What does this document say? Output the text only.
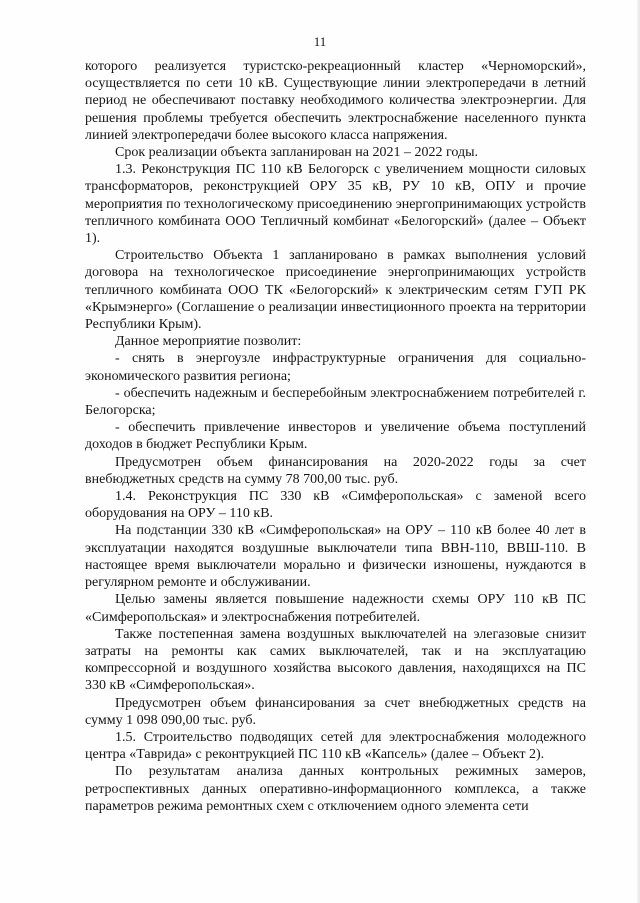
11

которого реализуется туристско-рекреационный кластер «Черноморский», осуществляется по сети 10 кВ. Существующие линии электропередачи в летний период не обеспечивают поставку необходимого количества электроэнергии. Для решения проблемы требуется обеспечить электроснабжение населенного пункта линией электропередачи более высокого класса напряжения.

Срок реализации объекта запланирован на 2021 – 2022 годы.

1.3. Реконструкция ПС 110 кВ Белогорск с увеличением мощности силовых трансформаторов, реконструкцией ОРУ 35 кВ, РУ 10 кВ, ОПУ и прочие мероприятия по технологическому присоединению энергопринимающих устройств тепличного комбината ООО Тепличный комбинат «Белогорский» (далее – Объект 1).

Строительство Объекта 1 запланировано в рамках выполнения условий договора на технологическое присоединение энергопринимающих устройств тепличного комбината ООО ТК «Белогорский» к электрическим сетям ГУП РК «Крымэнерго» (Соглашение о реализации инвестиционного проекта на территории Республики Крым).

Данное мероприятие позволит:

- снять в энергоузле инфраструктурные ограничения для социально-экономического развития региона;

- обеспечить надежным и бесперебойным электроснабжением потребителей г. Белогорска;

- обеспечить привлечение инвесторов и увеличение объема поступлений доходов в бюджет Республики Крым.

Предусмотрен объем финансирования на 2020-2022 годы за счет внебюджетных средств на сумму 78 700,00 тыс. руб.

1.4. Реконструкция ПС 330 кВ «Симферопольская» с заменой всего оборудования на ОРУ – 110 кВ.

На подстанции 330 кВ «Симферопольская» на ОРУ – 110 кВ более 40 лет в эксплуатации находятся воздушные выключатели типа ВВН-110, ВВШ-110. В настоящее время выключатели морально и физически изношены, нуждаются в регулярном ремонте и обслуживании.

Целью замены является повышение надежности схемы ОРУ 110 кВ ПС «Симферопольская» и электроснабжения потребителей.

Также постепенная замена воздушных выключателей на элегазовые снизит затраты на ремонты как самих выключателей, так и на эксплуатацию компрессорной и воздушного хозяйства высокого давления, находящихся на ПС 330 кВ «Симферопольская».

Предусмотрен объем финансирования за счет внебюджетных средств на сумму 1 098 090,00 тыс. руб.

1.5. Строительство подводящих сетей для электроснабжения молодежного центра «Таврида» с реконтрукцией ПС 110 кВ «Капсель» (далее – Объект 2).

По результатам анализа данных контрольных режимных замеров, ретроспективных данных оперативно-информационного комплекса, а также параметров режима ремонтных схем с отключением одного элемента сети
